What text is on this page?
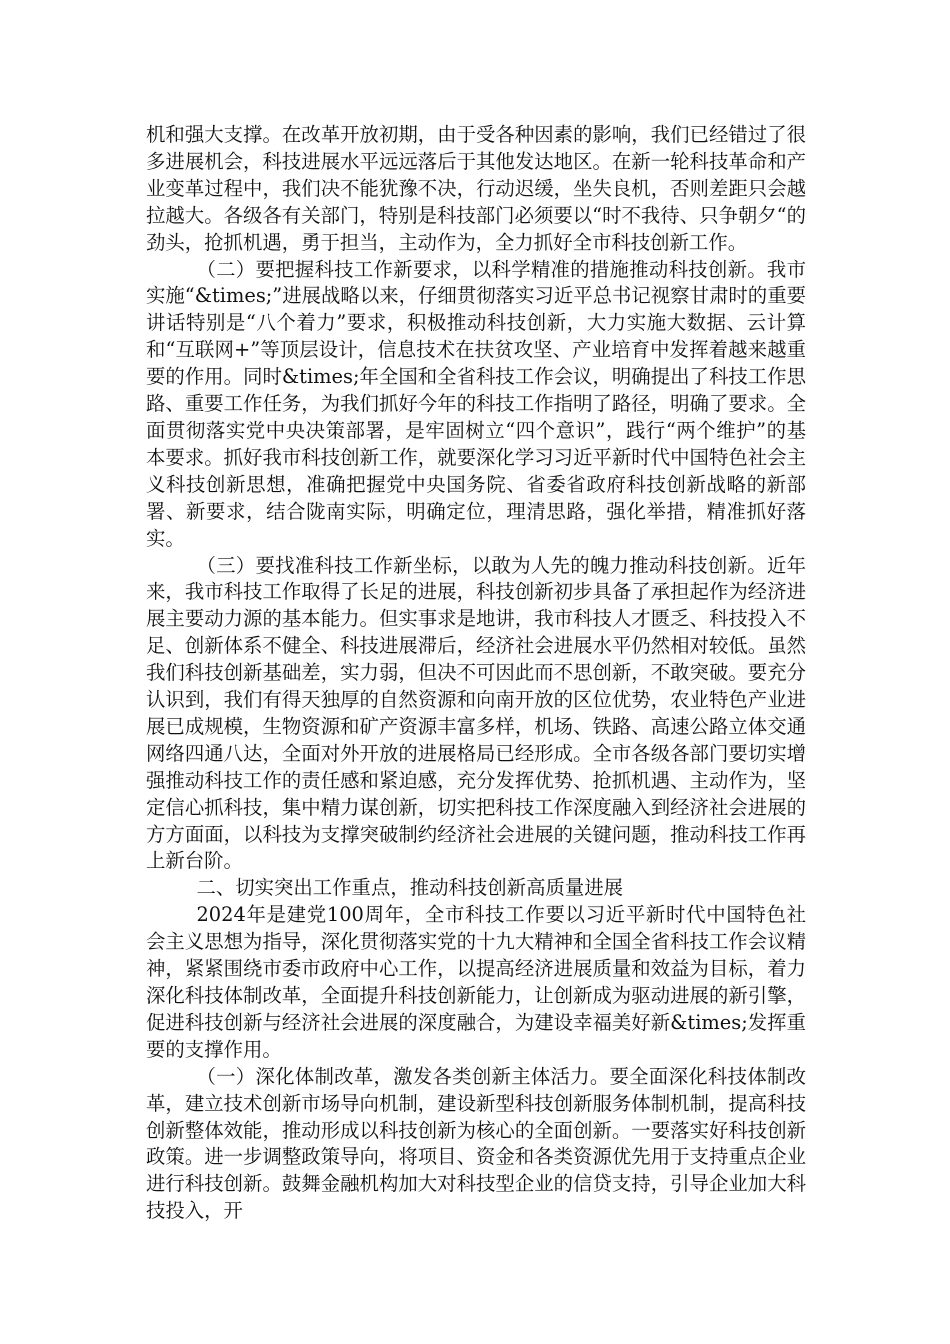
机和强大支撑。在改革开放初期，由于受各种因素的影响，我们已经错过了很多进展机会，科技进展水平远远落后于其他发达地区。在新一轮科技革命和产业变革过程中，我们决不能犹豫不决，行动迟缓，坐失良机，否则差距只会越拉越大。各级各有关部门，特别是科技部门必须要以“时不我待、只争朝夕“的劲头，抢抓机遇，勇于担当，主动作为，全力抓好全市科技创新工作。

（二）要把握科技工作新要求，以科学精准的措施推动科技创新。我市实施“&times;”进展战略以来，仔细贯彻落实习近平总书记视察甘肃时的重要讲话特别是“八个着力”要求，积极推动科技创新，大力实施大数据、云计算和“互联网+”等顶层设计，信息技术在扶贫攻坚、产业培育中发挥着越来越重要的作用。同时&times;年全国和全省科技工作会议，明确提出了科技工作思路、重要工作任务，为我们抓好今年的科技工作指明了路径，明确了要求。全面贯彻落实党中央决策部署，是牢固树立“四个意识”，践行“两个维护”的基本要求。抓好我市科技创新工作，就要深化学习习近平新时代中国特色社会主义科技创新思想，准确把握党中央国务院、省委省政府科技创新战略的新部署、新要求，结合陇南实际，明确定位，理清思路，强化举措，精准抓好落实。

（三）要找准科技工作新坐标，以敢为人先的魄力推动科技创新。近年来，我市科技工作取得了长足的进展，科技创新初步具备了承担起作为经济进展主要动力源的基本能力。但实事求是地讲，我市科技人才匮乏、科技投入不足、创新体系不健全、科技进展滞后，经济社会进展水平仍然相对较低。虽然我们科技创新基础差，实力弱，但决不可因此而不思创新，不敢突破。要充分认识到，我们有得天独厚的自然资源和向南开放的区位优势，农业特色产业进展已成规模，生物资源和矿产资源丰富多样，机场、铁路、高速公路立体交通网络四通八达，全面对外开放的进展格局已经形成。全市各级各部门要切实增强推动科技工作的责任感和紧迫感，充分发挥优势、抢抓机遇、主动作为，坚定信心抓科技，集中精力谋创新，切实把科技工作深度融入到经济社会进展的方方面面，以科技为支撑突破制约经济社会进展的关键问题，推动科技工作再上新台阶。

二、切实突出工作重点，推动科技创新高质量进展

2024年是建党100周年，全市科技工作要以习近平新时代中国特色社会主义思想为指导，深化贯彻落实党的十九大精神和全国全省科技工作会议精神，紧紧围绕市委市政府中心工作，以提高经济进展质量和效益为目标，着力深化科技体制改革，全面提升科技创新能力，让创新成为驱动进展的新引擎，促进科技创新与经济社会进展的深度融合，为建设幸福美好新&times;发挥重要的支撑作用。

（一）深化体制改革，激发各类创新主体活力。要全面深化科技体制改革，建立技术创新市场导向机制，建设新型科技创新服务体制机制，提高科技创新整体效能，推动形成以科技创新为核心的全面创新。一要落实好科技创新政策。进一步调整政策导向，将项目、资金和各类资源优先用于支持重点企业进行科技创新。鼓舞金融机构加大对科技型企业的信贷支持，引导企业加大科技投入，开
